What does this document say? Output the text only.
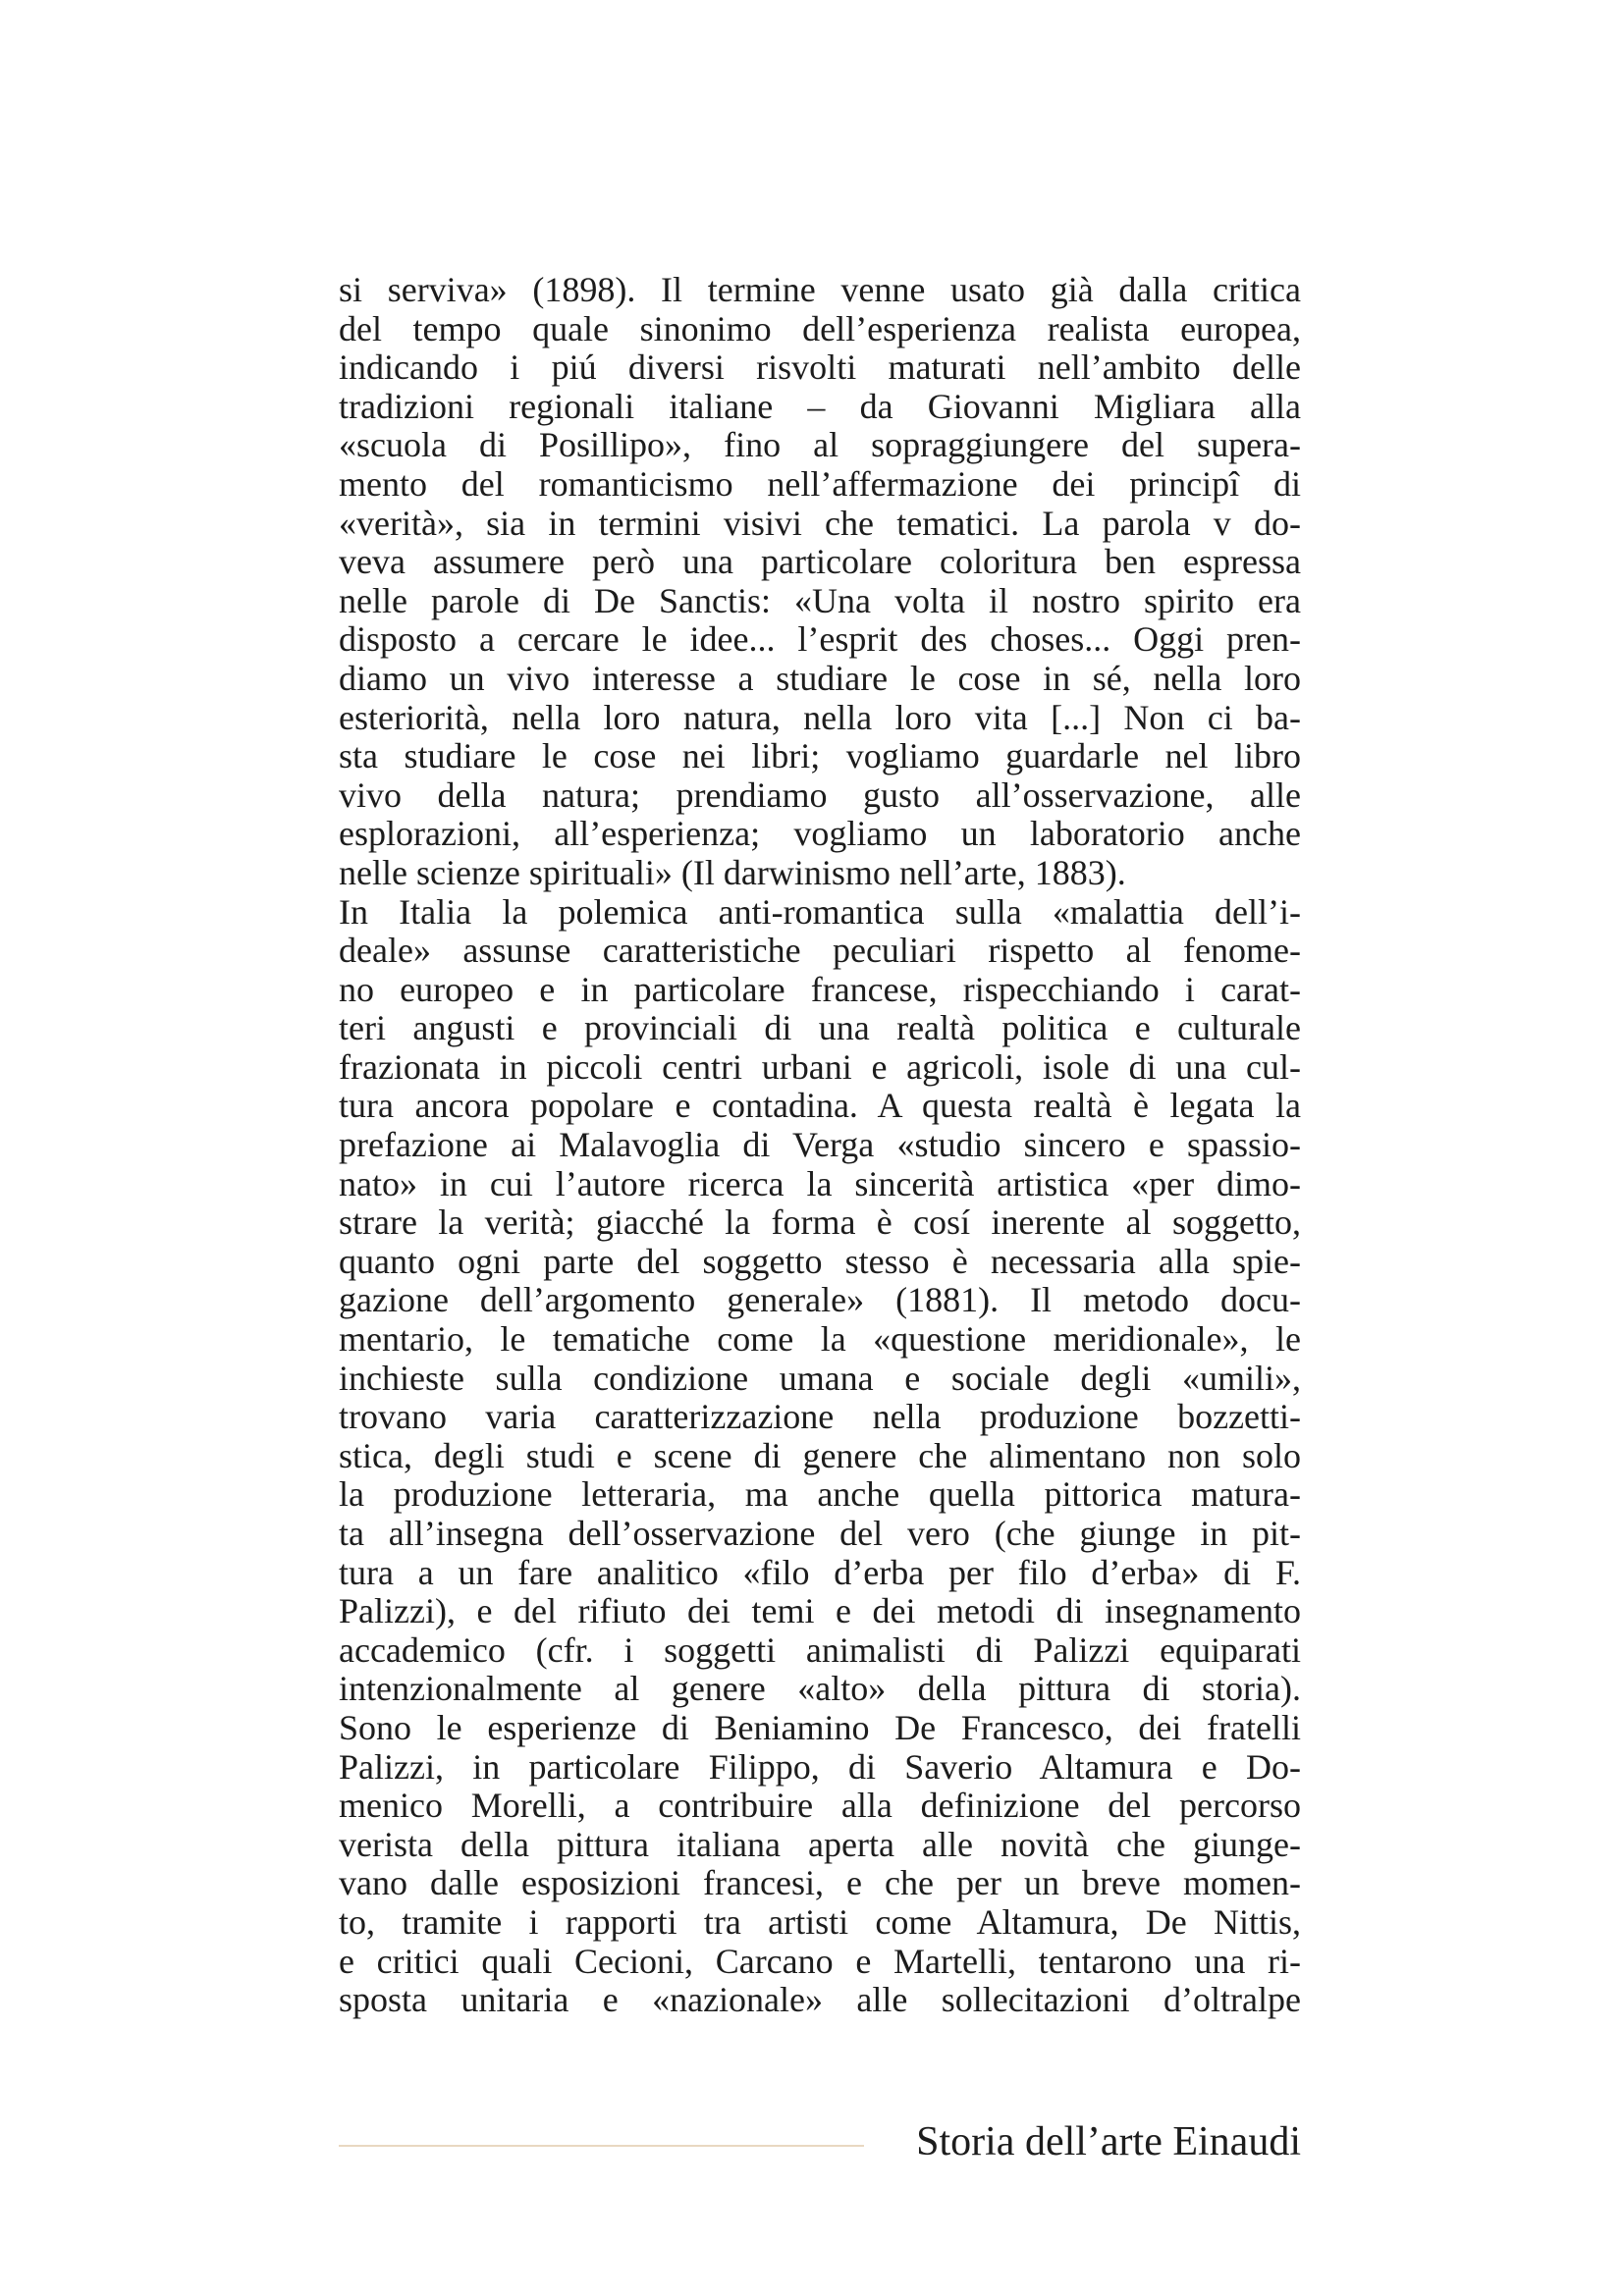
si serviva» (1898). Il termine venne usato già dalla critica
del tempo quale sinonimo dell’esperienza realista europea,
indicando i piú diversi risvolti maturati nell’ambito delle
tradizioni regionali italiane – da Giovanni Migliara alla
«scuola di Posillipo», fino al sopraggiungere del supera-
mento del romanticismo nell’affermazione dei principî di
«verità», sia in termini visivi che tematici. La parola v do-
veva assumere però una particolare coloritura ben espressa
nelle parole di De Sanctis: «Una volta il nostro spirito era
disposto a cercare le idee... l’esprit des choses... Oggi pren-
diamo un vivo interesse a studiare le cose in sé, nella loro
esteriorità, nella loro natura, nella loro vita [...] Non ci ba-
sta studiare le cose nei libri; vogliamo guardarle nel libro
vivo della natura; prendiamo gusto all’osservazione, alle
esplorazioni, all’esperienza; vogliamo un laboratorio anche
nelle scienze spirituali» (Il darwinismo nell’arte, 1883).
In Italia la polemica anti-romantica sulla «malattia dell’i-
deale» assunse caratteristiche peculiari rispetto al fenome-
no europeo e in particolare francese, rispecchiando i carat-
teri angusti e provinciali di una realtà politica e culturale
frazionata in piccoli centri urbani e agricoli, isole di una cul-
tura ancora popolare e contadina. A questa realtà è legata la
prefazione ai Malavoglia di Verga «studio sincero e spassio-
nato» in cui l’autore ricerca la sincerità artistica «per dimo-
strare la verità; giacché la forma è cosí inerente al soggetto,
quanto ogni parte del soggetto stesso è necessaria alla spie-
gazione dell’argomento generale» (1881). Il metodo docu-
mentario, le tematiche come la «questione meridionale», le
inchieste sulla condizione umana e sociale degli «umili»,
trovano varia caratterizzazione nella produzione bozzetti-
stica, degli studi e scene di genere che alimentano non solo
la produzione letteraria, ma anche quella pittorica matura-
ta all’insegna dell’osservazione del vero (che giunge in pit-
tura a un fare analitico «filo d’erba per filo d’erba» di F.
Palizzi), e del rifiuto dei temi e dei metodi di insegnamento
accademico (cfr. i soggetti animalisti di Palizzi equiparati
intenzionalmente al genere «alto» della pittura di storia).
Sono le esperienze di Beniamino De Francesco, dei fratelli
Palizzi, in particolare Filippo, di Saverio Altamura e Do-
menico Morelli, a contribuire alla definizione del percorso
verista della pittura italiana aperta alle novità che giunge-
vano dalle esposizioni francesi, e che per un breve momen-
to, tramite i rapporti tra artisti come Altamura, De Nittis,
e critici quali Cecioni, Carcano e Martelli, tentarono una ri-
sposta unitaria e «nazionale» alle sollecitazioni d’oltralpe
Storia dell’arte Einaudi
